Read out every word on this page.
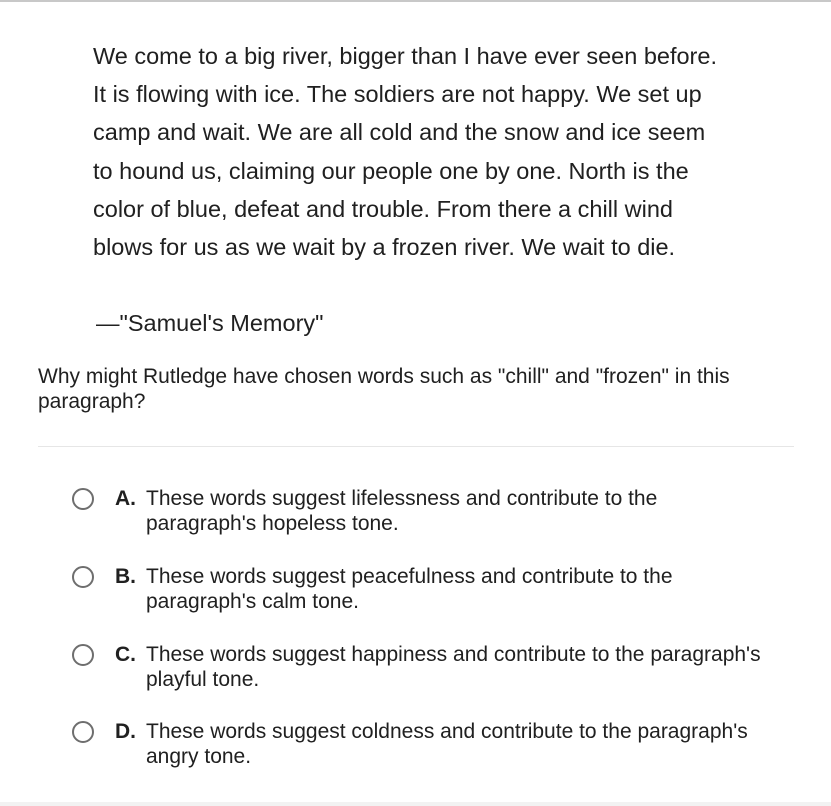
We come to a big river, bigger than I have ever seen before.
It is flowing with ice. The soldiers are not happy. We set up
camp and wait. We are all cold and the snow and ice seem
to hound us, claiming our people one by one. North is the
color of blue, defeat and trouble. From there a chill wind
blows for us as we wait by a frozen river. We wait to die.
—"Samuel's Memory"
Why might Rutledge have chosen words such as "chill" and "frozen" in this
paragraph?
A. These words suggest lifelessness and contribute to the
paragraph's hopeless tone.
B. These words suggest peacefulness and contribute to the
paragraph's calm tone.
C. These words suggest happiness and contribute to the paragraph's
playful tone.
D. These words suggest coldness and contribute to the paragraph's
angry tone.
